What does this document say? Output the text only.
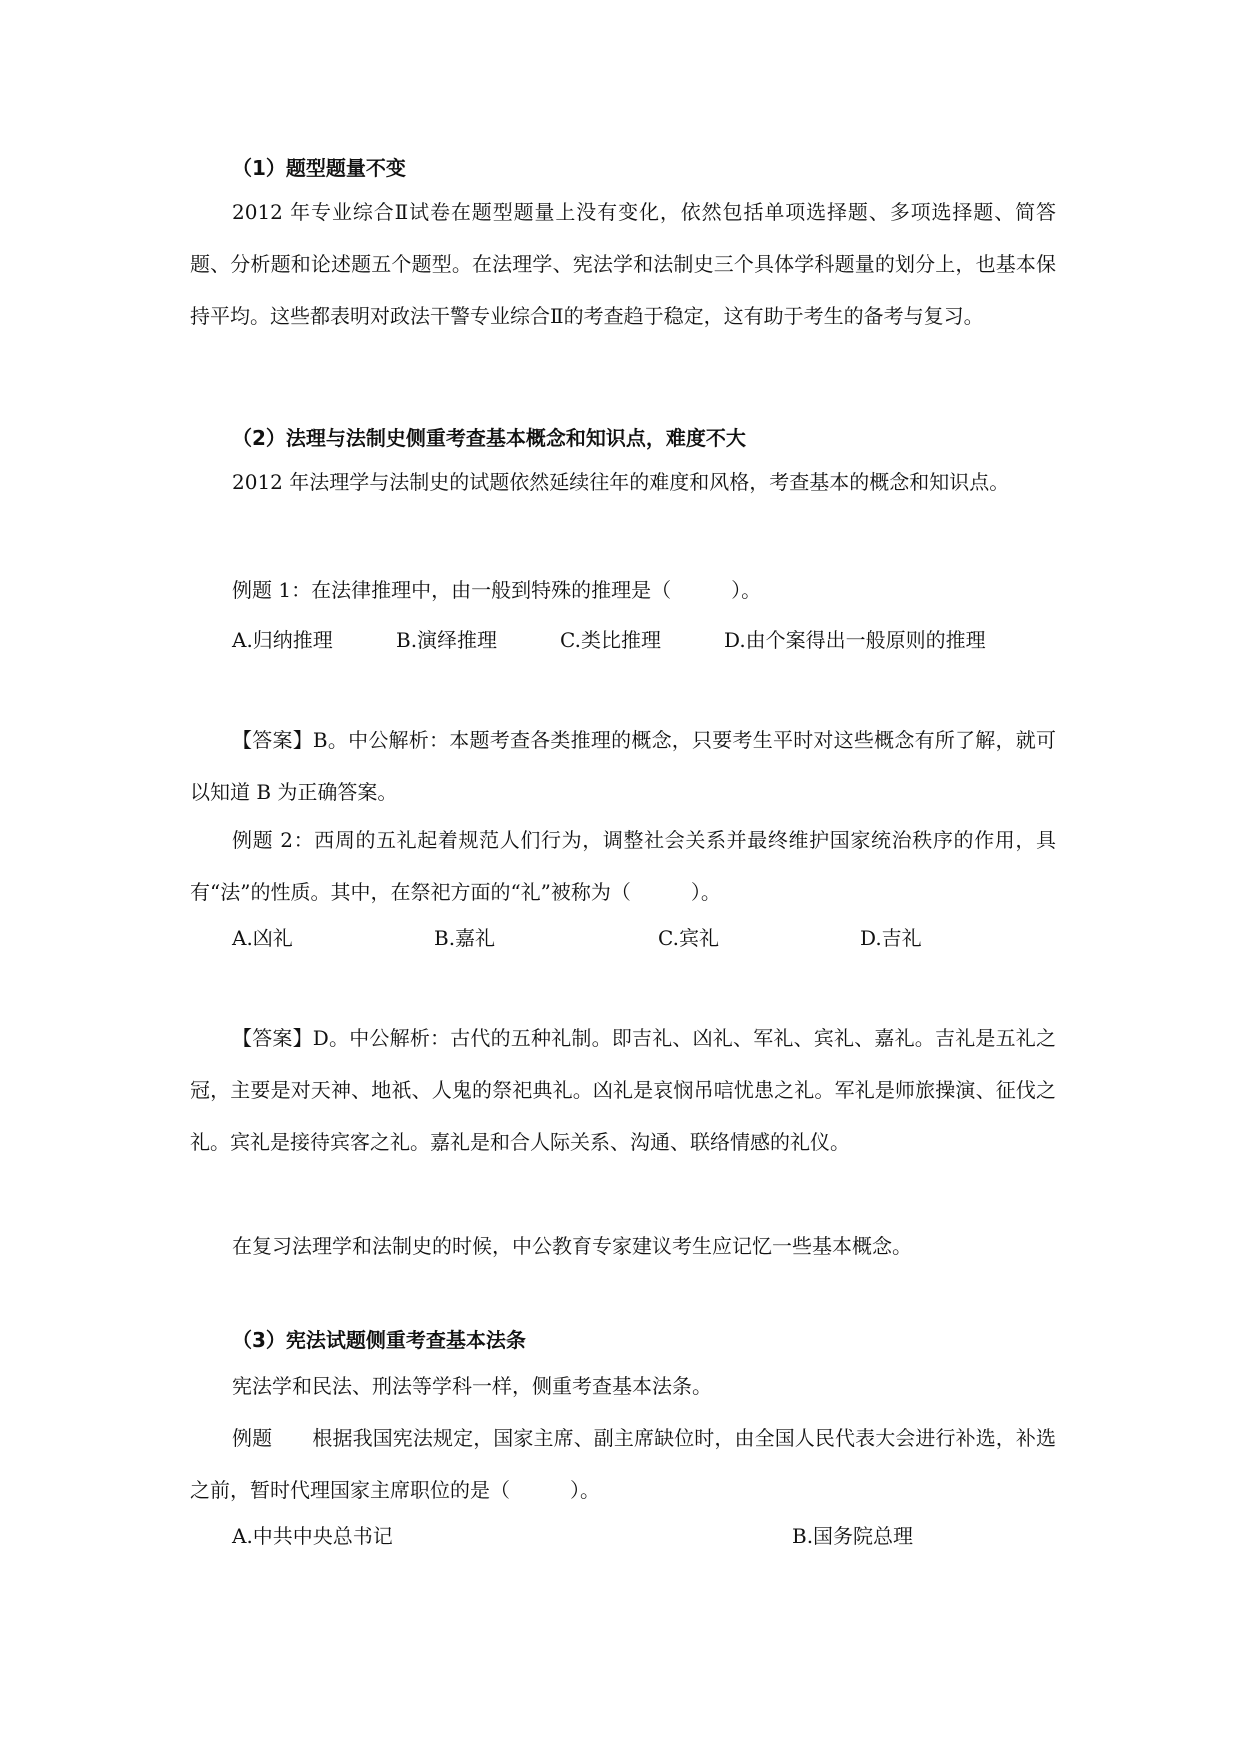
（1）题型题量不变
2012 年专业综合Ⅱ试卷在题型题量上没有变化，依然包括单项选择题、多项选择题、简答题、分析题和论述题五个题型。在法理学、宪法学和法制史三个具体学科题量的划分上，也基本保持平均。这些都表明对政法干警专业综合Ⅱ的考查趋于稳定，这有助于考生的备考与复习。
（2）法理与法制史侧重考查基本概念和知识点，难度不大
2012 年法理学与法制史的试题依然延续往年的难度和风格，考查基本的概念和知识点。
例题 1：在法律推理中，由一般到特殊的推理是（　　　）。
A.归纳推理	B.演绎推理	C.类比推理	D.由个案得出一般原则的推理
【答案】B。中公解析：本题考查各类推理的概念，只要考生平时对这些概念有所了解，就可以知道 B 为正确答案。
例题 2：西周的五礼起着规范人们行为，调整社会关系并最终维护国家统治秩序的作用，具有“法”的性质。其中，在祭祀方面的“礼”被称为（　　　）。
A.凶礼	B.嘉礼	C.宾礼	D.吉礼
【答案】D。中公解析：古代的五种礼制。即吉礼、凶礼、军礼、宾礼、嘉礼。吉礼是五礼之冠，主要是对天神、地祇、人鬼的祭祀典礼。凶礼是哀悯吊唁忧患之礼。军礼是师旅操演、征伐之礼。宾礼是接待宾客之礼。嘉礼是和合人际关系、沟通、联络情感的礼仪。
在复习法理学和法制史的时候，中公教育专家建议考生应记忆一些基本概念。
（3）宪法试题侧重考查基本法条
宪法学和民法、刑法等学科一样，侧重考查基本法条。
例题　　根据我国宪法规定，国家主席、副主席缺位时，由全国人民代表大会进行补选，补选之前，暂时代理国家主席职位的是（　　　）。
A.中共中央总书记	B.国务院总理
